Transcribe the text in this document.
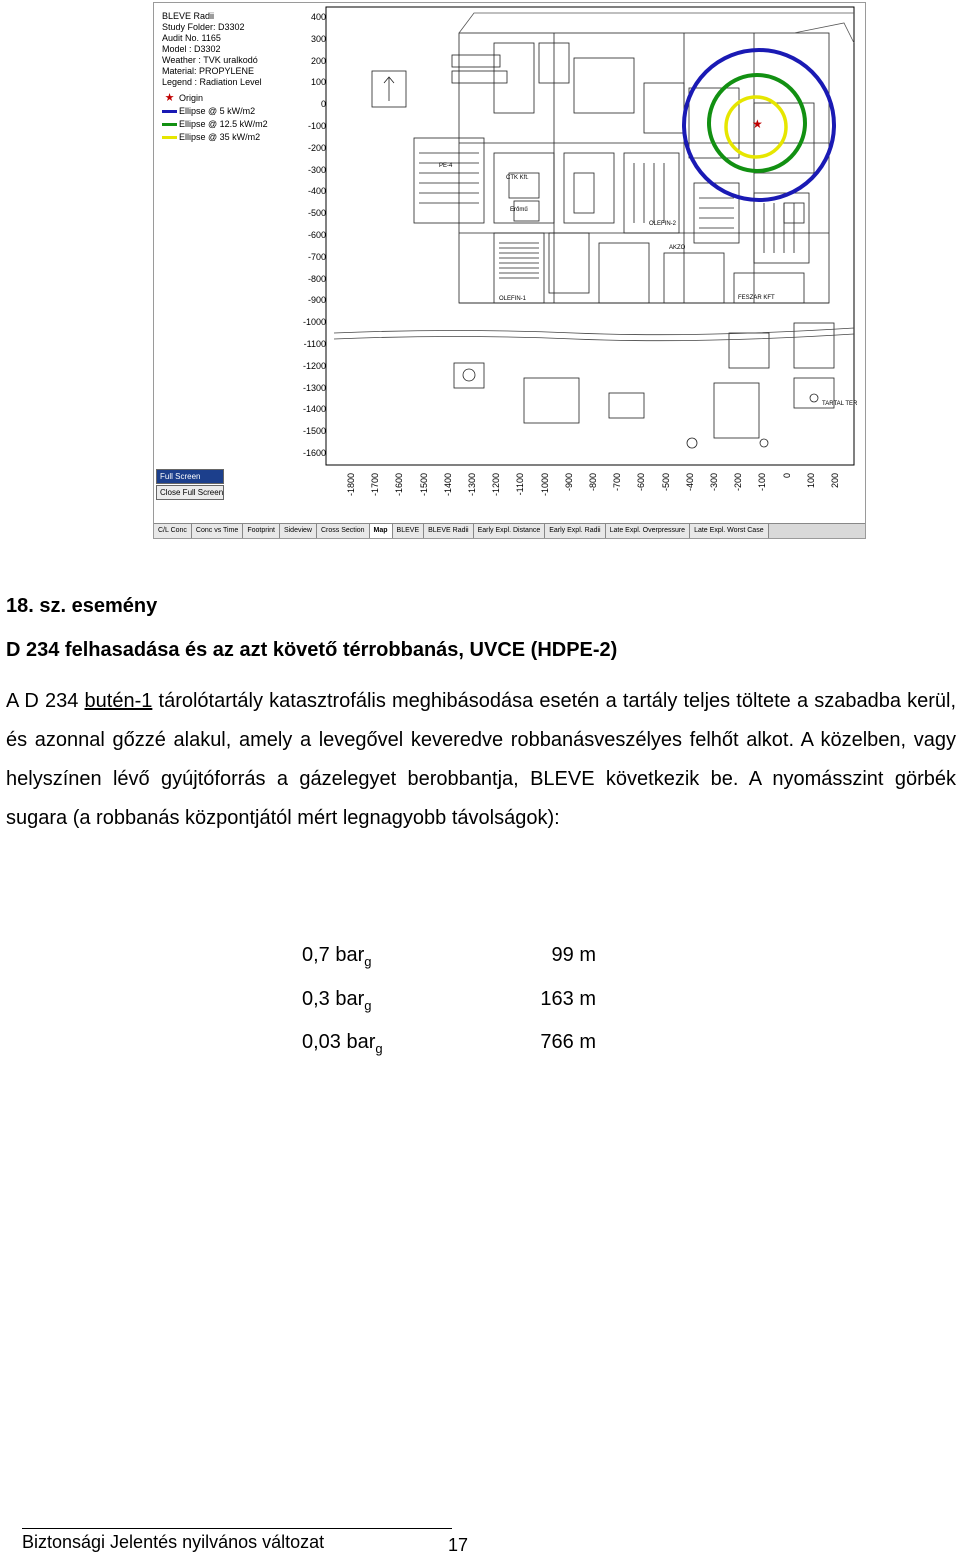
PE-4
CTK Kft.
Erőmű
OLEFIN-1
OLEFIN-2
TARTAL TER
FESZAR KFT
AKZO
★
BLEVE Radii
Study Folder: D3302
Audit No. 1165
Model : D3302
Weather : TVK uralkodó
Material: PROPYLENE
Legend : Radiation Level
★ Origin
Ellipse @ 5 kW/m2
Ellipse @ 12.5 kW/m2
Ellipse @ 35 kW/m2
400
300
200
100
0
-100
-200
-300
-400
-500
-600
-700
-800
-900
-1000
-1100
-1200
-1300
-1400
-1500
-1600
-1800 -1700 -1600 -1500 -1400 -1300 -1200 -1100 -1000 -900 -800 -700 -600 -500 -400 -300 -200 -100 0 100 200
Full Screen
Close Full Screen
C/L Conc	Conc vs Time	Footprint	Sideview	Cross Section	Map	BLEVE	BLEVE Radii	Early Expl. Distance	Early Expl. Radii	Late Expl. Overpressure	Late Expl. Worst Case
18. sz. esemény
D 234 felhasadása és az azt követő térrobbanás, UVCE (HDPE-2)
A D 234 butén-1 tárolótartály katasztrofális meghibásodása esetén a tartály teljes töltete a szabadba kerül, és azonnal gőzzé alakul, amely a levegővel keveredve robbanásveszélyes felhőt alkot. A közelben, vagy helyszínen lévő gyújtóforrás a gázelegyet berobbantja, BLEVE következik be. A nyomásszint görbék sugara (a robbanás központjától mért legnagyobb távolságok):
0,7 bar$_g$	99 m
0,3 bar$_g$	163 m
0,03 bar$_g$	766 m
Biztonsági Jelentés nyilvános változat	17
